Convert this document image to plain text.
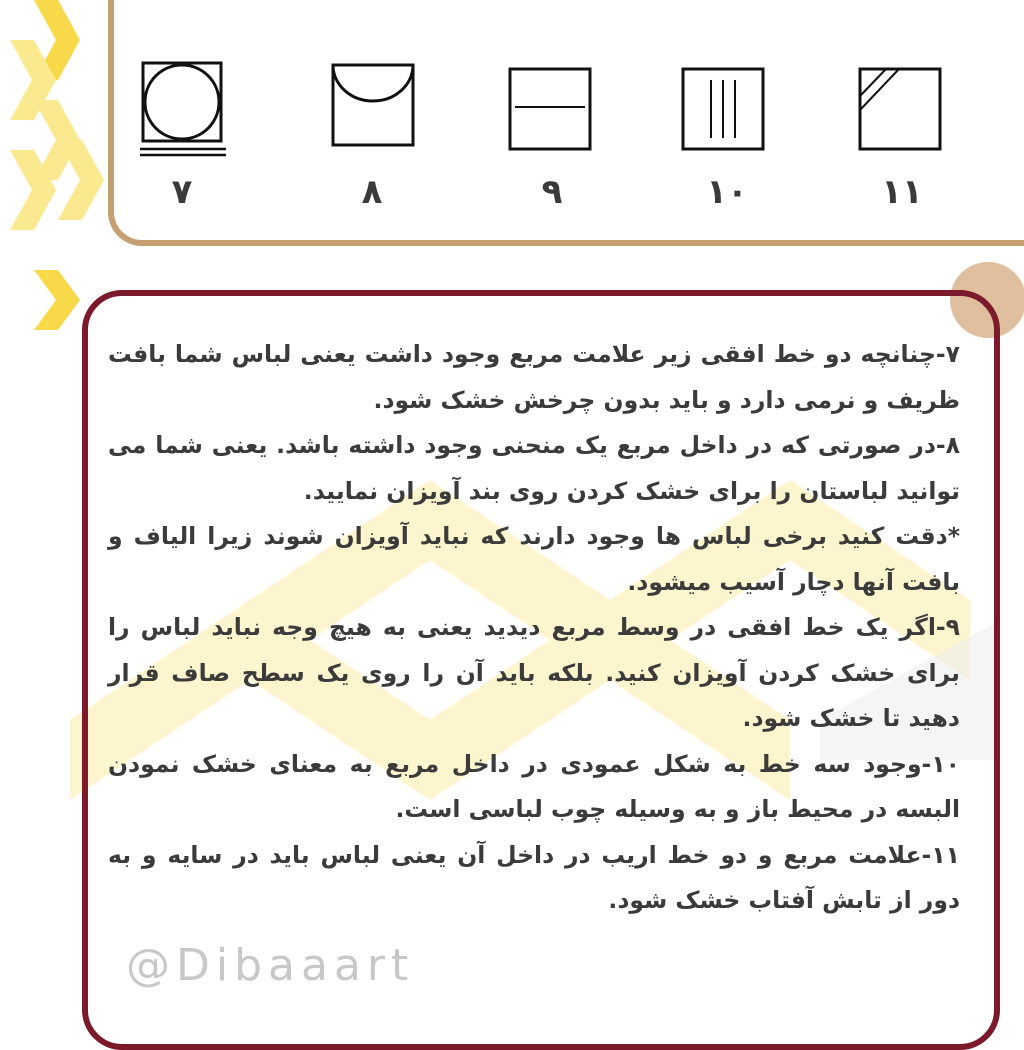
۷	۸	۹	۱۰	۱۱

۷-چنانچه دو خط افقی زیر علامت مربع وجود داشت یعنی لباس شما بافت ظریف و نرمی دارد و باید بدون چرخش خشک شود.

۸-در صورتی که در داخل مربع یک منحنی وجود داشته باشد. یعنی شما می توانید لباستان را برای خشک کردن روی بند آویزان نمایید.

*دقت کنید برخی لباس ها وجود دارند که نباید آویزان شوند زیرا الیاف و بافت آنها دچار آسیب میشود.

۹-اگر یک خط افقی در وسط مربع دیدید یعنی به هیچ وجه نباید لباس را برای خشک کردن آویزان کنید. بلکه باید آن را روی یک سطح صاف قرار دهید تا خشک شود.

۱۰-وجود سه خط به شکل عمودی در داخل مربع به معنای خشک نمودن البسه در محیط باز و به وسیله چوب لباسی است.

۱۱-علامت مربع و دو خط اریب در داخل آن یعنی لباس باید در سایه و به دور از تابش آفتاب خشک شود.

@Dibaaart
